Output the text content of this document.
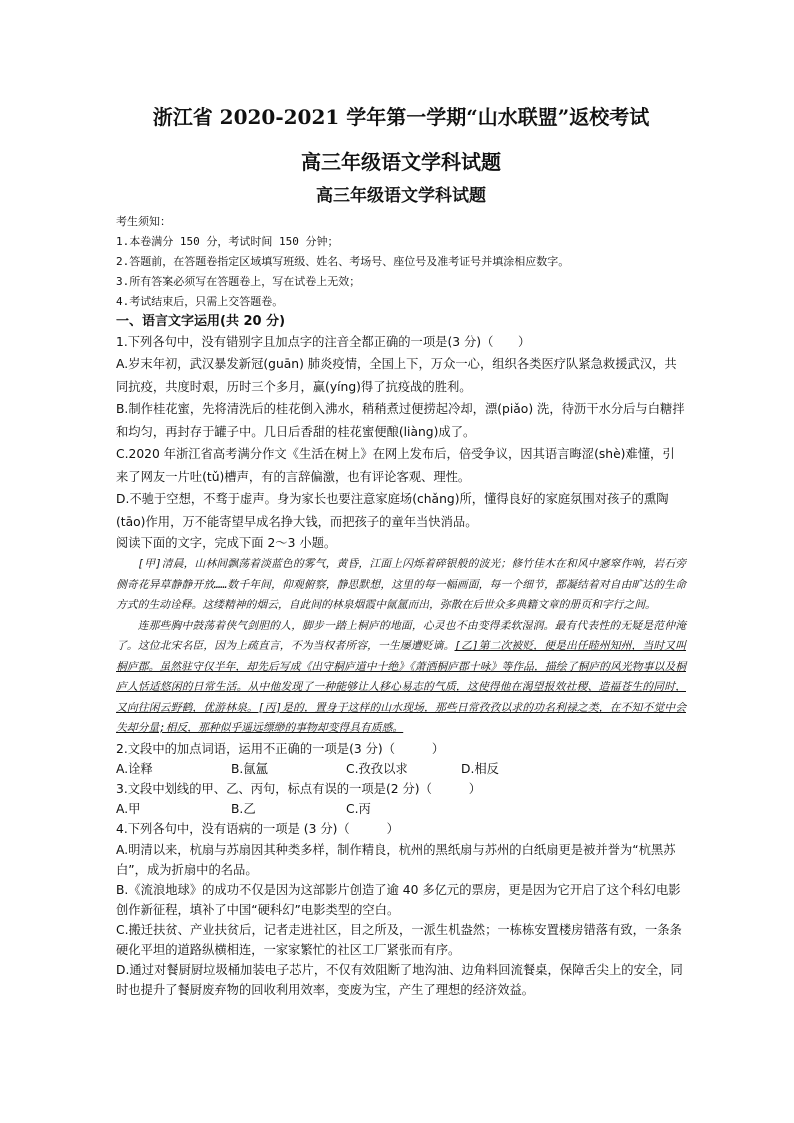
浙江省 2020-2021 学年第一学期“山水联盟”返校考试
高三年级语文学科试题
高三年级语文学科试题
考生须知：
1.本卷满分 150 分，考试时间 150 分钟；
2.答题前，在答题卷指定区域填写班级、姓名、考场号、座位号及准考证号并填涂相应数字。
3.所有答案必须写在答题卷上，写在试卷上无效；
4.考试结束后，只需上交答题卷。
一、语言文字运用(共 20 分)
1.下列各句中，没有错别字且加点字的注音全都正确的一项是(3 分)（　　）
A.岁末年初，武汉暴发新冠(guān) 肺炎疫情，全国上下，万众一心，组织各类医疗队紧急救援武汉，共同抗疫，共度时艰，历时三个多月，赢(yíng)得了抗疫战的胜利。
B.制作桂花蜜，先将清洗后的桂花倒入沸水，稍稍煮过便捞起冷却，漂(piǎo) 洗，待沥干水分后与白糖拌和均匀，再封存于罐子中。几日后香甜的桂花蜜便酿(liàng)成了。
C.2020 年浙江省高考满分作文《生活在树上》在网上发布后，倍受争议，因其语言晦涩(shè)难懂，引来了网友一片吐(tǔ)槽声，有的言辞偏激，也有评论客观、理性。
D.不驰于空想，不骛于虚声。身为家长也要注意家庭场(chǎng)所，懂得良好的家庭氛围对孩子的熏陶(tāo)作用，万不能寄望早成名挣大钱，而把孩子的童年当快消品。
阅读下面的文字，完成下面 2～3 小题。
[甲]清晨，山林间飘荡着淡蓝色的雾气，黄昏，江面上闪烁着碎银般的波光；修竹佳木在和风中窸窣作响，岩石旁侧奇花异草静静开放……数千年间，仰观俯察，静思默想，这里的每一幅画面，每一个细节，都凝结着对自由旷达的生命方式的生动诠释。这缕精神的烟云，自此间的林泉烟霞中氤氲而出，弥散在后世众多典籍文章的册页和字行之间。
连那些胸中鼓荡着侠气剑胆的人，脚步一踏上桐庐的地面，心灵也不由变得柔软湿润。最有代表性的无疑是范仲淹了。这位北宋名臣，因为上疏直言，不为当权者所容，一生屡遭贬谪。[乙]第二次被贬，便是出任睦州知州，当时又叫桐庐郡。虽然驻守仅半年，却先后写成《出守桐庐道中十绝》《萧洒桐庐郡十咏》等作品，描绘了桐庐的风光物事以及桐庐人恬适悠闲的日常生活。从中他发现了一种能够让人移心易志的气质，这使得他在渴望报效社稷、造福苍生的同时，又向往闲云野鹤，优游林泉。[丙]是的，置身于这样的山水现场，那些日常孜孜以求的功名利禄之类，在不知不觉中会失却分量;相反，那种似乎遥远缥缈的事物却变得具有质感。
2.文段中的加点词语，运用不正确的一项是(3 分)（　　　）
A.诠释	B.氤氲	C.孜孜以求	D.相反
3.文段中划线的甲、乙、丙句，标点有误的一项是(2 分)（　　　）
A.甲	B.乙	C.丙
4.下列各句中，没有语病的一项是 (3 分)（　　　）
A.明清以来，杭扇与苏扇因其种类多样，制作精良，杭州的黑纸扇与苏州的白纸扇更是被并誉为“杭黑苏白”，成为折扇中的名品。
B.《流浪地球》的成功不仅是因为这部影片创造了逾 40 多亿元的票房，更是因为它开启了这个科幻电影创作新征程，填补了中国“硬科幻”电影类型的空白。
C.搬迁扶贫、产业扶贫后，记者走进社区，目之所及，一派生机盎然；一栋栋安置楼房错落有致，一条条硬化平坦的道路纵横相连，一家家繁忙的社区工厂紧张而有序。
D.通过对餐厨厨垃圾桶加装电子芯片，不仅有效阻断了地沟油、边角料回流餐桌，保障舌尖上的安全，同时也提升了餐厨废弃物的回收利用效率，变废为宝，产生了理想的经济效益。
